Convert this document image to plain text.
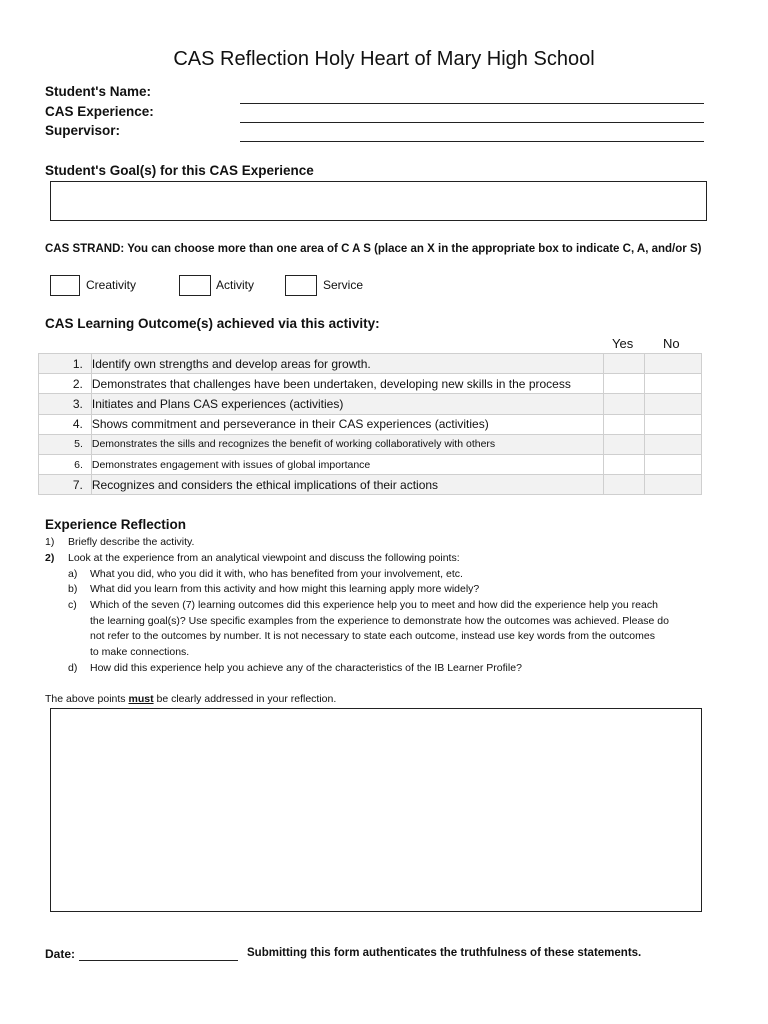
CAS Reflection Holy Heart of Mary High School
Student's Name:
CAS Experience:
Supervisor:
Student's Goal(s) for this CAS Experience
CAS STRAND: You can choose more than one area of C A S (place an X in the appropriate box to indicate C, A, and/or S)
Creativity	Activity	Service
CAS Learning Outcome(s) achieved via this activity:
Yes No
1.	Identify own strengths and develop areas for growth.		
2.	Demonstrates that challenges have been undertaken, developing new skills in the process		
3.	Initiates and Plans CAS experiences (activities)		
4.	Shows commitment and perseverance in their CAS experiences (activities)		
5.	Demonstrates the sills and recognizes the benefit of working collaboratively with others		
6.	Demonstrates engagement with issues of global importance		
7.	Recognizes and considers the ethical implications of their actions		
Experience Reflection
1) Briefly describe the activity.
2) Look at the experience from an analytical viewpoint and discuss the following points:
a) What you did, who you did it with, who has benefited from your involvement, etc.
b) What did you learn from this activity and how might this learning apply more widely?
c) Which of the seven (7) learning outcomes did this experience help you to meet and how did the experience help you reach
the learning goal(s)? Use specific examples from the experience to demonstrate how the outcomes was achieved. Please do
not refer to the outcomes by number. It is not necessary to state each outcome, instead use key words from the outcomes
to make connections.
d) How did this experience help you achieve any of the characteristics of the IB Learner Profile?
The above points must be clearly addressed in your reflection.
Date:	Submitting this form authenticates the truthfulness of these statements.
